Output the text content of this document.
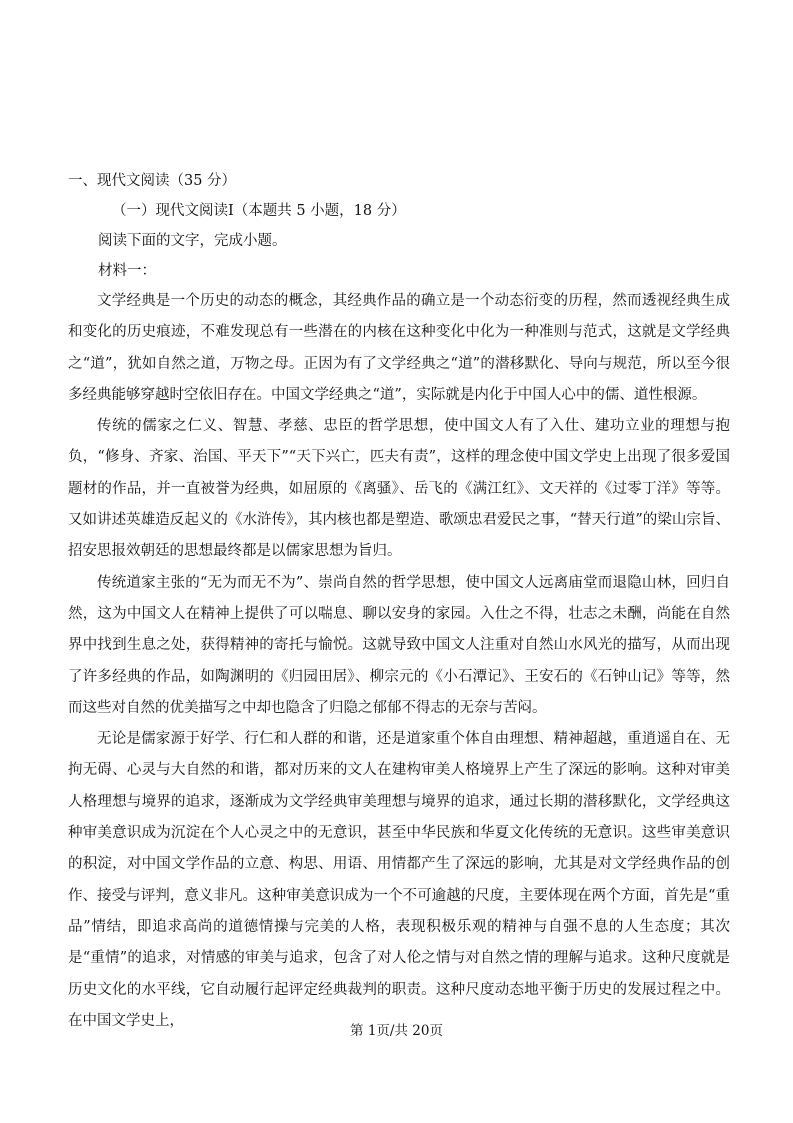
一、现代文阅读（35 分）
（一）现代文阅读Ⅰ（本题共 5 小题，18 分）
阅读下面的文字，完成小题。
材料一：

文学经典是一个历史的动态的概念，其经典作品的确立是一个动态衍变的历程，然而透视经典生成和变化的历史痕迹，不难发现总有一些潜在的内核在这种变化中化为一种准则与范式，这就是文学经典之“道”，犹如自然之道，万物之母。正因为有了文学经典之“道”的潜移默化、导向与规范，所以至今很多经典能够穿越时空依旧存在。中国文学经典之“道”，实际就是内化于中国人心中的儒、道性根源。

传统的儒家之仁义、智慧、孝慈、忠臣的哲学思想，使中国文人有了入仕、建功立业的理想与抱负，“修身、齐家、治国、平天下”“天下兴亡，匹夫有责”，这样的理念使中国文学史上出现了很多爱国题材的作品，并一直被誉为经典，如屈原的《离骚》、岳飞的《满江红》、文天祥的《过零丁洋》等等。又如讲述英雄造反起义的《水浒传》，其内核也都是塑造、歌颂忠君爱民之事，“替天行道”的梁山宗旨、招安思报效朝廷的思想最终都是以儒家思想为旨归。

传统道家主张的“无为而无不为”、崇尚自然的哲学思想，使中国文人远离庙堂而退隐山林，回归自然，这为中国文人在精神上提供了可以喘息、聊以安身的家园。入仕之不得，壮志之未酬，尚能在自然界中找到生息之处，获得精神的寄托与愉悦。这就导致中国文人注重对自然山水风光的描写，从而出现了许多经典的作品，如陶渊明的《归园田居》、柳宗元的《小石潭记》、王安石的《石钟山记》等等，然而这些对自然的优美描写之中却也隐含了归隐之郁郁不得志的无奈与苦闷。

无论是儒家源于好学、行仁和人群的和谐，还是道家重个体自由理想、精神超越，重逍遥自在、无拘无碍、心灵与大自然的和谐，都对历来的文人在建构审美人格境界上产生了深远的影响。这种对审美人格理想与境界的追求，逐渐成为文学经典审美理想与境界的追求，通过长期的潜移默化，文学经典这种审美意识成为沉淀在个人心灵之中的无意识，甚至中华民族和华夏文化传统的无意识。这些审美意识的积淀，对中国文学作品的立意、构思、用语、用情都产生了深远的影响，尤其是对文学经典作品的创作、接受与评判，意义非凡。这种审美意识成为一个不可逾越的尺度，主要体现在两个方面，首先是“重品”情结，即追求高尚的道德情操与完美的人格，表现积极乐观的精神与自强不息的人生态度；其次是“重情”的追求，对情感的审美与追求，包含了对人伦之情与对自然之情的理解与追求。这种尺度就是历史文化的水平线，它自动履行起评定经典裁判的职责。这种尺度动态地平衡于历史的发展过程之中。在中国文学史上，

第 1页/共 20页
